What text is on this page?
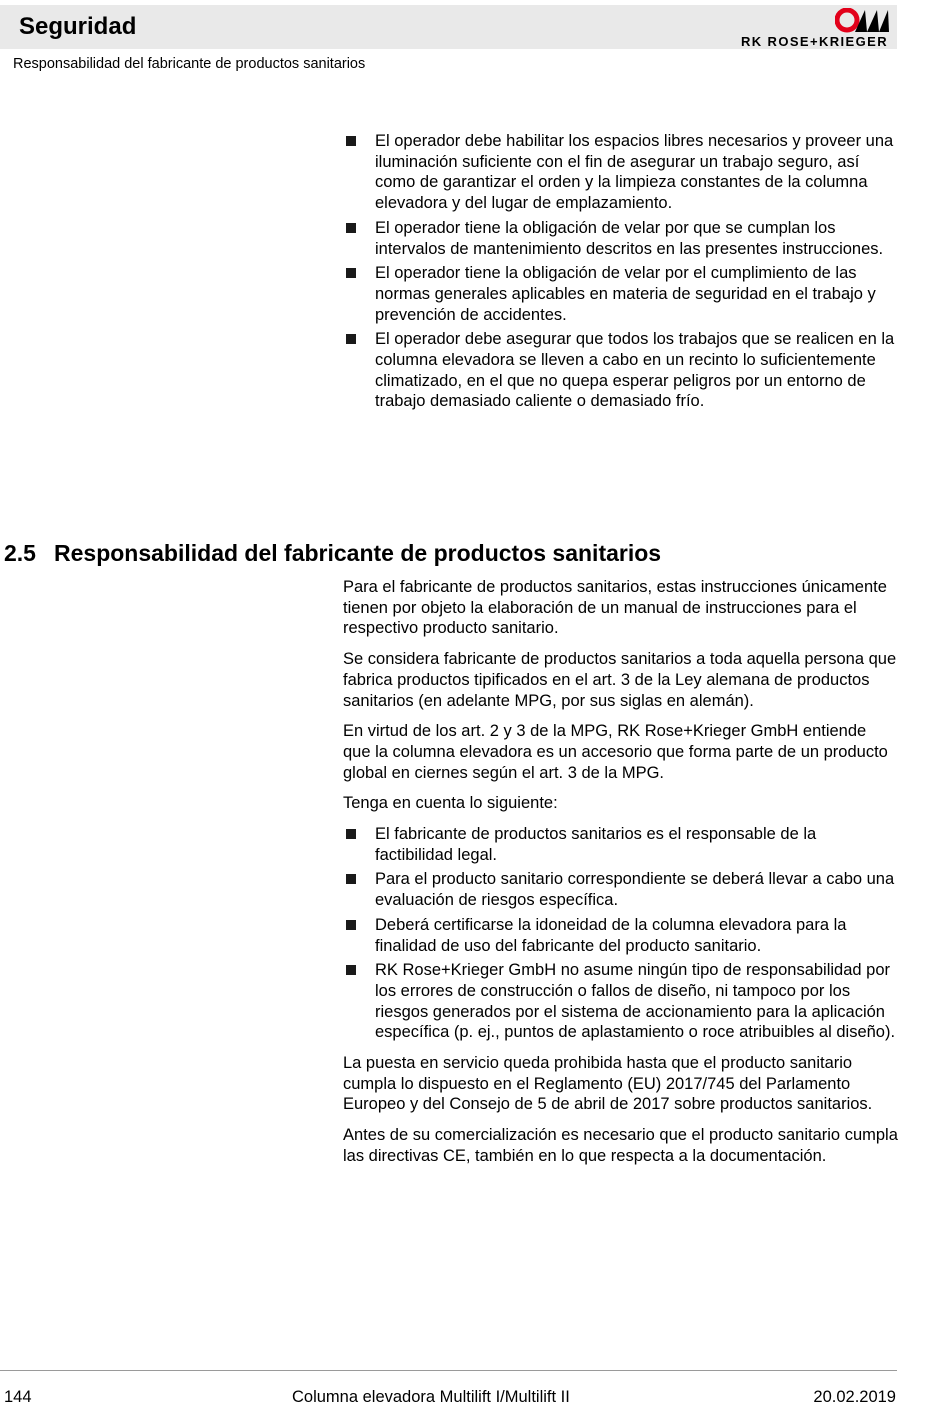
Seguridad
Responsabilidad del fabricante de productos sanitarios
RK ROSE+KRIEGER
El operador debe habilitar los espacios libres necesarios y proveer una iluminación suficiente con el fin de asegurar un trabajo seguro, así como de garantizar el orden y la limpieza constantes de la columna elevadora y del lugar de emplazamiento.
El operador tiene la obligación de velar por que se cumplan los intervalos de mantenimiento descritos en las presentes instrucciones.
El operador tiene la obligación de velar por el cumplimiento de las normas generales aplicables en materia de seguridad en el trabajo y prevención de accidentes.
El operador debe asegurar que todos los trabajos que se realicen en la columna elevadora se lleven a cabo en un recinto lo suficientemente climatizado, en el que no quepa esperar peligros por un entorno de trabajo demasiado caliente o demasiado frío.
2.5 Responsabilidad del fabricante de productos sanitarios

Para el fabricante de productos sanitarios, estas instrucciones únicamente tienen por objeto la elaboración de un manual de instrucciones para el respectivo producto sanitario.

Se considera fabricante de productos sanitarios a toda aquella persona que fabrica productos tipificados en el art. 3 de la Ley alemana de productos sanitarios (en adelante MPG, por sus siglas en alemán).

En virtud de los art. 2 y 3 de la MPG, RK Rose+Krieger GmbH entiende que la columna elevadora es un accesorio que forma parte de un producto global en ciernes según el art. 3 de la MPG.

Tenga en cuenta lo siguiente:

El fabricante de productos sanitarios es el responsable de la factibilidad legal.
Para el producto sanitario correspondiente se deberá llevar a cabo una evaluación de riesgos específica.
Deberá certificarse la idoneidad de la columna elevadora para la finalidad de uso del fabricante del producto sanitario.
RK Rose+Krieger GmbH no asume ningún tipo de responsabilidad por los errores de construcción o fallos de diseño, ni tampoco por los riesgos generados por el sistema de accionamiento para la aplicación específica (p. ej., puntos de aplastamiento o roce atribuibles al diseño).

La puesta en servicio queda prohibida hasta que el producto sanitario cumpla lo dispuesto en el Reglamento (EU) 2017/745 del Parlamento Europeo y del Consejo de 5 de abril de 2017 sobre productos sanitarios.

Antes de su comercialización es necesario que el producto sanitario cumpla las directivas CE, también en lo que respecta a la documentación.

144	Columna elevadora Multilift I/Multilift II	20.02.2019
